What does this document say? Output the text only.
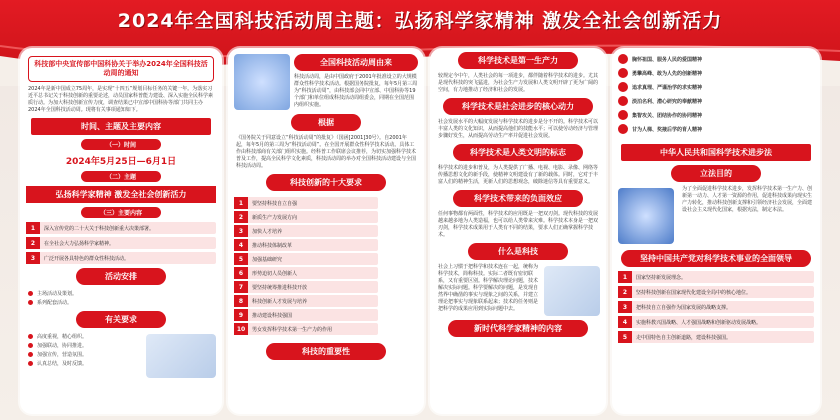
2024年全国科技活动周主题：弘扬科学家精神 激发全社会创新活力
科技部中央宣传部中国科协关于举办2024年全国科技活动周的通知
2024年是新中国成立75周年，是实现“十四五”规划目标任务的关键一年。为落实习近平总书记关于科技创新的重要论述，动员国家科普能力建设、深入实施全民科学素质行动。为加大科技创新宣传力度，调查结果已中宣部中国科协等部门共同主办2024年全国科技活动周。现将有关事项通知如下。
时间、主题及主要内容
（一）时间
2024年5月25日—6月1日
（二）主题
弘扬科学家精神 激发全社会创新活力
（三）主要内容
1	深入宣传党的二十大关于科技创新重大决策部署。
2	在全社会大力弘扬科学家精神。
3	广泛开展各具特色的群众性科技活动。
活动安排
主场活动及策划。
系列配套活动。
有关要求
高度重视，精心组织。
加强联动，协同推进。
加强宣传，营造氛围。
认真总结，及时反馈。
全国科技活动周由来
科技活动周，是由中国政府于2001年批准设立的大规模群众性科学技术活动。根据国务院批复，每年5月第三周为“科技活动周”，由科技部会同中宣部、中国科协等19个部门和单位组成科技活动周组委会，同期在全国范围内组织实施。
根据
《国务院关于同意设立“科技活动周”的批复》（国函[2001]30号）。自2001年起，每年5月的第三周为“科技活动周”。在全国开展群众性科学技术活动。具体工作由科技部商有关部门组织实施。经科普工作联席会议推荐，为切实加强科学技术普及工作，提高全民科学文化素质，科技活动周的举办对全国科技活动建设与全国科技活动周。
科技创新的十大要求
1	要坚持科技自立自强
2	新质生产力发展方向
3	加快人才培养
4	推动科技体制改革
5	加强基础研究
6	形势迫切人员创新人
7	要坚持统筹推进科技开放
8	科技创新人才发展与培养
9	推动建设科技强国
10	男女发挥科学技术第一生产力的作用
科技的重要性
科学技术是第一生产力
较规定今中午，人类社会的每一项进步，都伴随着科学技术的进步。尤其是现代科技的突飞猛进，为社会生产力发展和人类文明开辟了更为广阔的空间，有力地推动了经济和社会的发展。
科学技术是社会进步的核心动力
社会发展水平的大幅度发展与科学技术的进步是分不开的。科学技术可以丰富人类的文化知识，从而提高他们的技能水平；可以使劳动经济与管理步骤好发生，从而提高劳动生产率并促进社会发展。
科学技术是人类文明的标志
科学技术的进步和普及，为人类提供了广播、电视、电影、录像、网络等传播思想文化的新手段，使精神文明建设有了新的载体。同时，它对于丰富人们的精神生活，更新人们的思想观念，破除迷信等具有重要意义。
科学技术带来的负面效应
任何事物都有两面性，科学技术的应用既是一把双刃剑。现代科技的发展越来越多地为人类造福，也可以给人类带来灾难。科学技术本身是一把双刃剑，科学技术成果用于人类有不同的结果，要求人们正确掌握科学技术。
什么是科技
社会上习惯于把科学和技术连在一起，统称为科学技术，简称科技。实际二者既有密切联系，又有重要区别。科学解决理论问题，技术解决实际问题。科学要解决的问题，是发现自然界中确凿的事实与现象之间的关系，并建立理论把事实与现象联系起来；技术的任务则是把科学的成果应用到实际问题中去。
新时代科学家精神的内容
胸怀祖国、服务人民的爱国精神
勇攀高峰、敢为人先的创新精神
追求真理、严谨治学的求实精神
淡泊名利、潜心研究的奉献精神
集智攻关、团结协作的协同精神
甘为人梯、奖掖后学的育人精神
中华人民共和国科学技术进步法
立法目的
为了全面促进科学技术进步，发挥科学技术第一生产力、创新第一动力、人才第一资源的作用，促进科技成果向现实生产力转化，推动科技创新支撑和引领经济社会发展，全面建设社会主义现代化国家，根据宪法，制定本法。
坚持中国共产党对科学技术事业的全面领导
1	国家坚持新发展理念。
2	坚持科技创新在国家现代化建设全局中的核心地位。
3	把科技自立自强作为国家发展的战略支撑。
4	实施科教兴国战略、人才强国战略和创新驱动发展战略。
5	走中国特色自主创新道路，建设科技强国。
